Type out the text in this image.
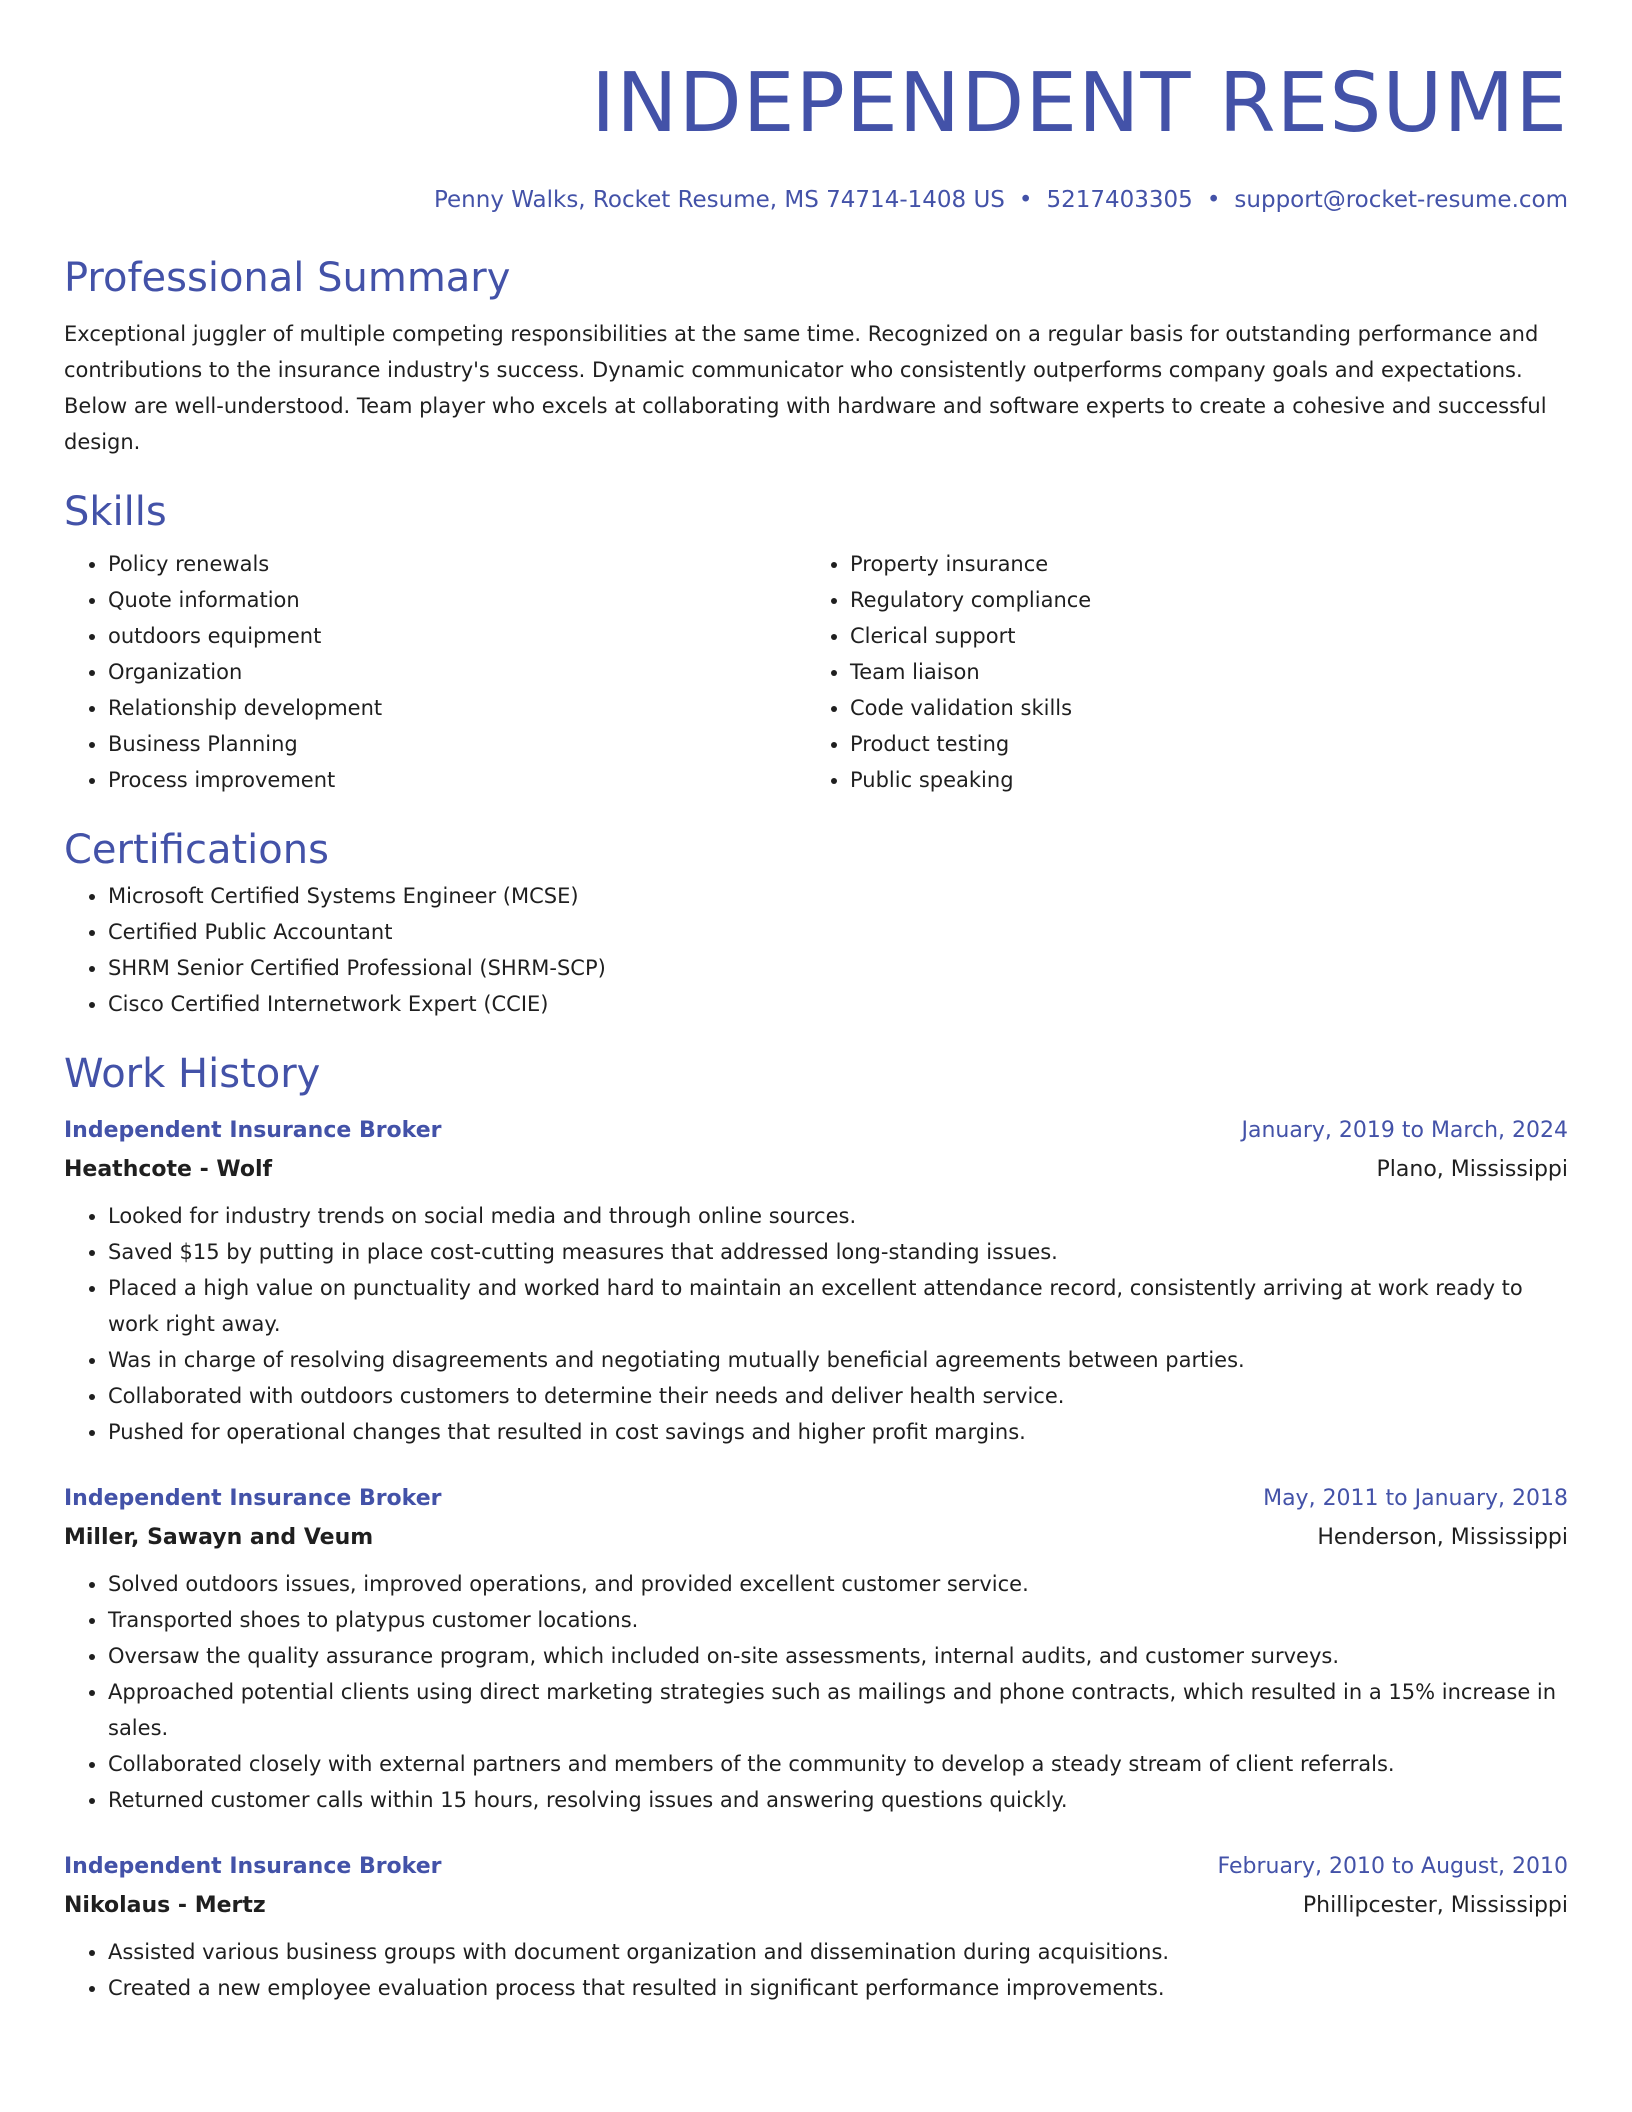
INDEPENDENT RESUME
Penny Walks, Rocket Resume, MS 74714-1408 US • 5217403305 • support@rocket-resume.com
Professional Summary
Exceptional juggler of multiple competing responsibilities at the same time. Recognized on a regular basis for outstanding performance and contributions to the insurance industry's success. Dynamic communicator who consistently outperforms company goals and expectations. Below are well-understood. Team player who excels at collaborating with hardware and software experts to create a cohesive and successful design.
Skills
• Policy renewals
• Quote information
• outdoors equipment
• Organization
• Relationship development
• Business Planning
• Process improvement
• Property insurance
• Regulatory compliance
• Clerical support
• Team liaison
• Code validation skills
• Product testing
• Public speaking
Certifications
• Microsoft Certified Systems Engineer (MCSE)
• Certified Public Accountant
• SHRM Senior Certified Professional (SHRM-SCP)
• Cisco Certified Internetwork Expert (CCIE)
Work History
Independent Insurance Broker	January, 2019 to March, 2024
Heathcote - Wolf	Plano, Mississippi
• Looked for industry trends on social media and through online sources.
• Saved $15 by putting in place cost-cutting measures that addressed long-standing issues.
• Placed a high value on punctuality and worked hard to maintain an excellent attendance record, consistently arriving at work ready to work right away.
• Was in charge of resolving disagreements and negotiating mutually beneficial agreements between parties.
• Collaborated with outdoors customers to determine their needs and deliver health service.
• Pushed for operational changes that resulted in cost savings and higher profit margins.
Independent Insurance Broker	May, 2011 to January, 2018
Miller, Sawayn and Veum	Henderson, Mississippi
• Solved outdoors issues, improved operations, and provided excellent customer service.
• Transported shoes to platypus customer locations.
• Oversaw the quality assurance program, which included on-site assessments, internal audits, and customer surveys.
• Approached potential clients using direct marketing strategies such as mailings and phone contracts, which resulted in a 15% increase in sales.
• Collaborated closely with external partners and members of the community to develop a steady stream of client referrals.
• Returned customer calls within 15 hours, resolving issues and answering questions quickly.
Independent Insurance Broker	February, 2010 to August, 2010
Nikolaus - Mertz	Phillipcester, Mississippi
• Assisted various business groups with document organization and dissemination during acquisitions.
• Created a new employee evaluation process that resulted in significant performance improvements.
